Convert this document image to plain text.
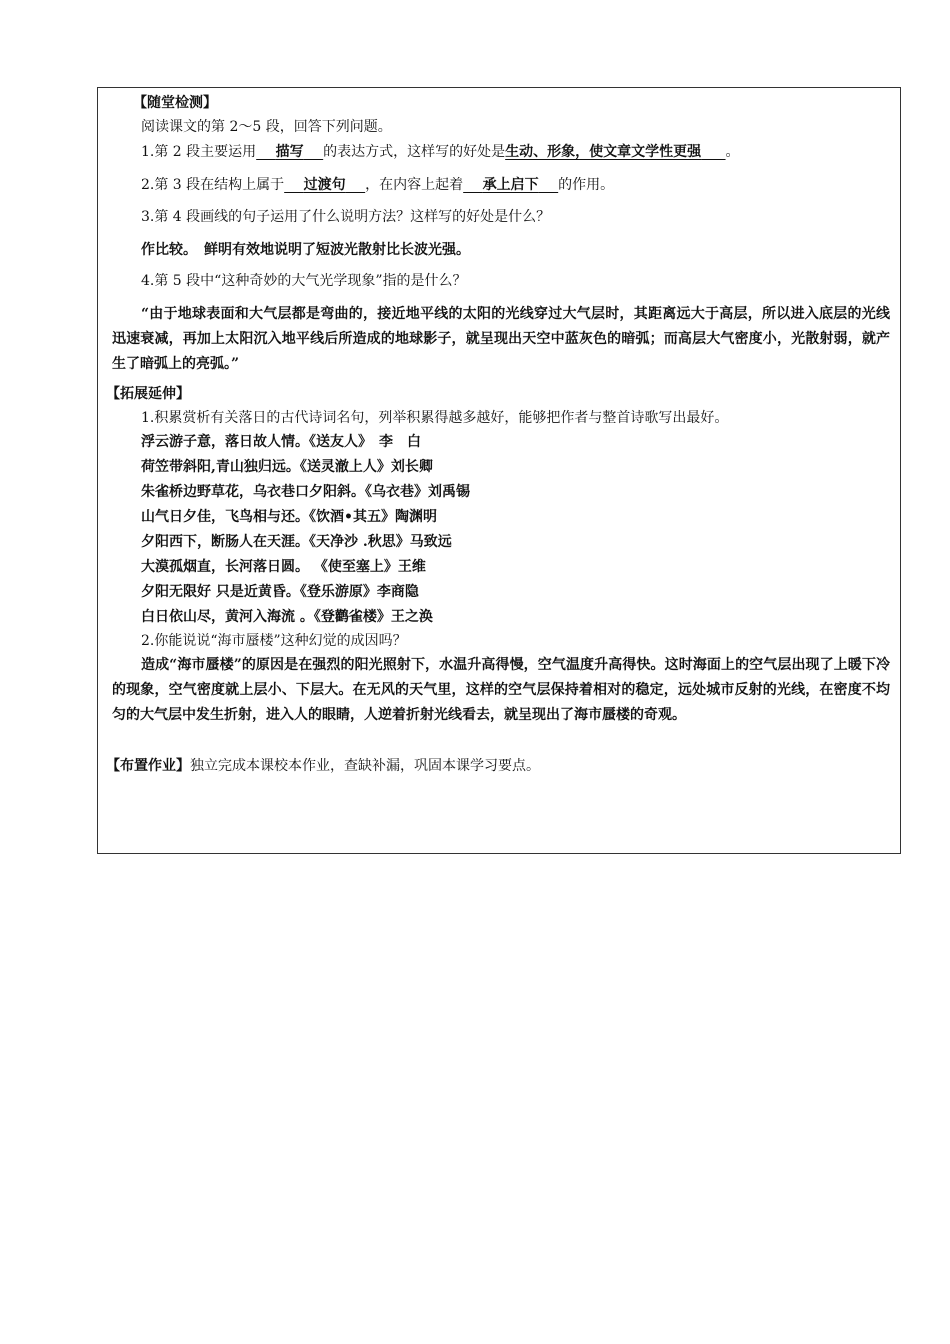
【随堂检测】
阅读课文的第 2～5 段，回答下列问题。
1.第 2 段主要运用 描写 的表达方式，这样写的好处是生动、形象，使文章文学性更强 。
2.第 3 段在结构上属于 过渡句 ，在内容上起着 承上启下 的作用。
3.第 4 段画线的句子运用了什么说明方法？这样写的好处是什么？
作比较。　鲜明有效地说明了短波光散射比长波光强。
4.第 5 段中“这种奇妙的大气光学现象”指的是什么？
“由于地球表面和大气层都是弯曲的，接近地平线的太阳的光线穿过大气层时，其距离远大于高层，所以进入底层的光线迅速衰减，再加上太阳沉入地平线后所造成的地球影子，就呈现出天空中蓝灰色的暗弧；而高层大气密度小，光散射弱，就产生了暗弧上的亮弧。”
【拓展延伸】
1.积累赏析有关落日的古代诗词名句，列举积累得越多越好，能够把作者与整首诗歌写出最好。
浮云游子意，落日故人情。《送友人》　李　白
荷笠带斜阳,青山独归远。《送灵澈上人》刘长卿
朱雀桥边野草花，乌衣巷口夕阳斜。《乌衣巷》刘禹锡
山气日夕佳，飞鸟相与还。《饮酒•其五》陶渊明
夕阳西下，断肠人在天涯。《天净沙 .秋思》马致远
大漠孤烟直，长河落日圆。 《使至塞上》王维
夕阳无限好 只是近黄昏。《登乐游原》李商隐
白日依山尽，黄河入海流 。《登鹳雀楼》王之涣
2.你能说说“海市蜃楼”这种幻觉的成因吗？
造成“海市蜃楼”的原因是在强烈的阳光照射下，水温升高得慢，空气温度升高得快。这时海面上的空气层出现了上暖下冷的现象，空气密度就上层小、下层大。在无风的天气里，这样的空气层保持着相对的稳定，远处城市反射的光线，在密度不均匀的大气层中发生折射，进入人的眼睛，人逆着折射光线看去，就呈现出了海市蜃楼的奇观。
【布置作业】独立完成本课校本作业，查缺补漏，巩固本课学习要点。
